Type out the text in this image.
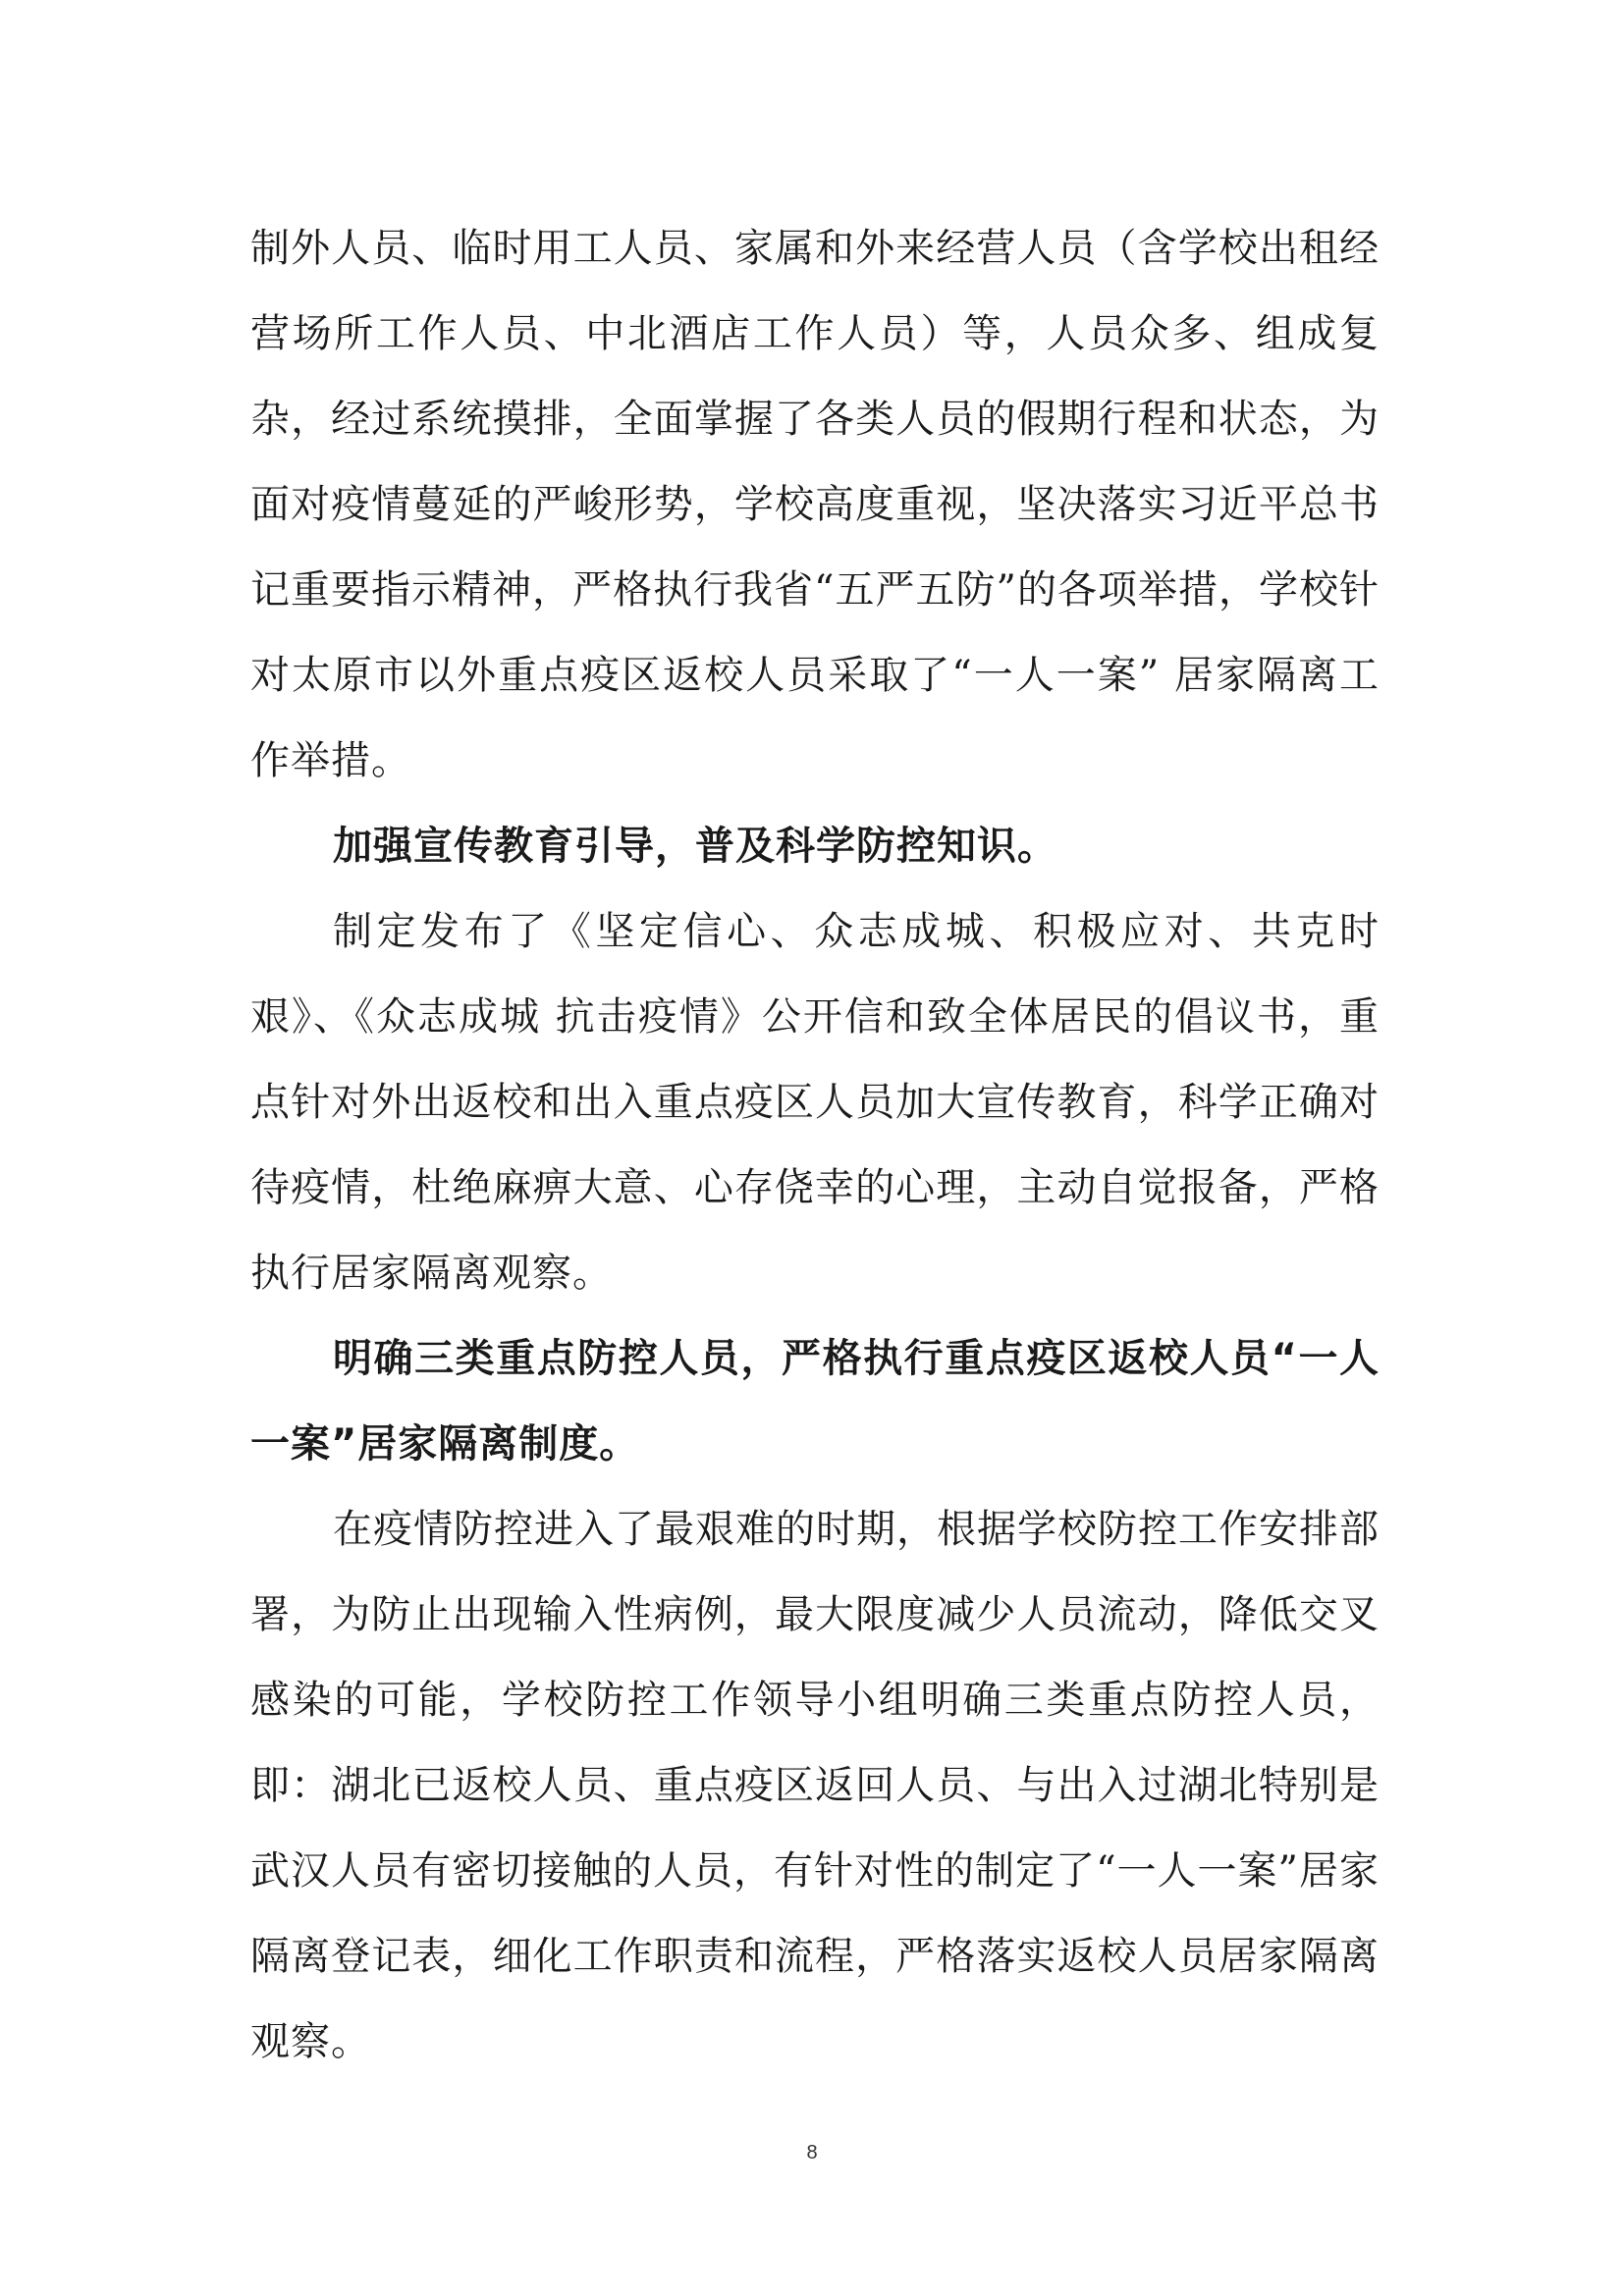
制外人员、临时用工人员、家属和外来经营人员（含学校出租经营场所工作人员、中北酒店工作人员）等，人员众多、组成复杂，经过系统摸排，全面掌握了各类人员的假期行程和状态，为面对疫情蔓延的严峻形势，学校高度重视，坚决落实习近平总书记重要指示精神，严格执行我省“五严五防”的各项举措，学校针对太原市以外重点疫区返校人员采取了“一人一案” 居家隔离工作举措。

加强宣传教育引导，普及科学防控知识。

制定发布了《坚定信心、众志成城、积极应对、共克时艰》、《众志成城 抗击疫情》公开信和致全体居民的倡议书，重点针对外出返校和出入重点疫区人员加大宣传教育，科学正确对待疫情，杜绝麻痹大意、心存侥幸的心理，主动自觉报备，严格执行居家隔离观察。

明确三类重点防控人员，严格执行重点疫区返校人员“一人一案”居家隔离制度。

在疫情防控进入了最艰难的时期，根据学校防控工作安排部署，为防止出现输入性病例，最大限度减少人员流动，降低交叉感染的可能，学校防控工作领导小组明确三类重点防控人员，即：湖北已返校人员、重点疫区返回人员、与出入过湖北特别是武汉人员有密切接触的人员，有针对性的制定了“一人一案”居家隔离登记表，细化工作职责和流程，严格落实返校人员居家隔离观察。

8
